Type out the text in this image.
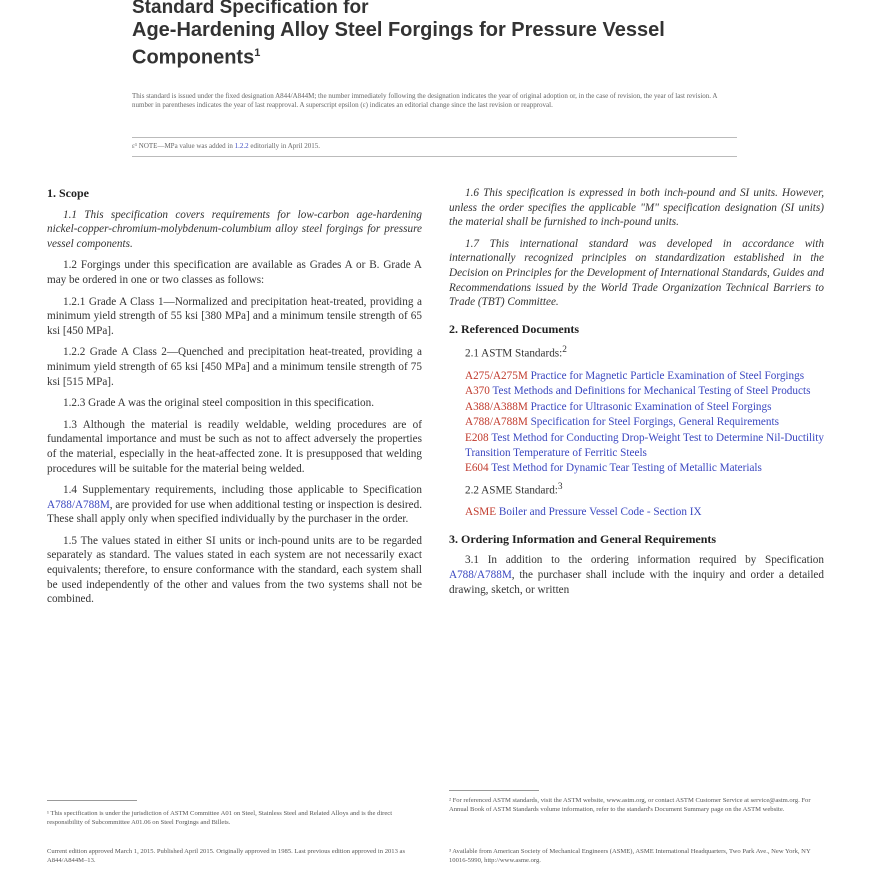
Standard Specification for
Age-Hardening Alloy Steel Forgings for Pressure Vessel
Components$^1$
This standard is issued under the fixed designation A844/A844M; the number immediately following the designation indicates the year of original adoption or, in the case of revision, the year of last revision. A number in parentheses indicates the year of last reapproval. A superscript epsilon (ε) indicates an editorial change since the last revision or reapproval.
ε¹ NOTE—MPa value was added in 1.2.2 editorially in April 2015.
1. Scope

1.1 This specification covers requirements for low-carbon age-hardening nickel-copper-chromium-molybdenum-columbium alloy steel forgings for pressure vessel components.

1.2 Forgings under this specification are available as Grades A or B. Grade A may be ordered in one or two classes as follows:

1.2.1 Grade A Class 1—Normalized and precipitation heat-treated, providing a minimum yield strength of 55 ksi [380 MPa] and a minimum tensile strength of 65 ksi [450 MPa].

1.2.2 Grade A Class 2—Quenched and precipitation heat-treated, providing a minimum yield strength of 65 ksi [450 MPa] and a minimum tensile strength of 75 ksi [515 MPa].

1.2.3 Grade A was the original steel composition in this specification.

1.3 Although the material is readily weldable, welding procedures are of fundamental importance and must be such as not to affect adversely the properties of the material, especially in the heat-affected zone. It is presupposed that welding procedures will be suitable for the material being welded.

1.4 Supplementary requirements, including those applicable to Specification A788/A788M, are provided for use when additional testing or inspection is desired. These shall apply only when specified individually by the purchaser in the order.

1.5 The values stated in either SI units or inch-pound units are to be regarded separately as standard. The values stated in each system are not necessarily exact equivalents; therefore, to ensure conformance with the standard, each system shall be used independently of the other and values from the two systems shall not be combined.

1.6 This specification is expressed in both inch-pound and SI units. However, unless the order specifies the applicable "M" specification designation (SI units) the material shall be furnished to inch-pound units.

1.7 This international standard was developed in accordance with internationally recognized principles on standardization established in the Decision on Principles for the Development of International Standards, Guides and Recommendations issued by the World Trade Organization Technical Barriers to Trade (TBT) Committee.

2. Referenced Documents

2.1 ASTM Standards:$^2$

A275/A275M Practice for Magnetic Particle Examination of Steel Forgings
A370 Test Methods and Definitions for Mechanical Testing of Steel Products
A388/A388M Practice for Ultrasonic Examination of Steel Forgings
A788/A788M Specification for Steel Forgings, General Requirements
E208 Test Method for Conducting Drop-Weight Test to Determine Nil-Ductility Transition Temperature of Ferritic Steels
E604 Test Method for Dynamic Tear Testing of Metallic Materials

2.2 ASME Standard:$^3$

ASME Boiler and Pressure Vessel Code - Section IX
3. Ordering Information and General Requirements

3.1 In addition to the ordering information required by Specification A788/A788M, the purchaser shall include with the inquiry and order a detailed drawing, sketch, or written

¹ This specification is under the jurisdiction of ASTM Committee A01 on Steel, Stainless Steel and Related Alloys and is the direct responsibility of Subcommittee A01.06 on Steel Forgings and Billets.
Current edition approved March 1, 2015. Published April 2015. Originally approved in 1985. Last previous edition approved in 2013 as A844/A844M–13.
² For referenced ASTM standards, visit the ASTM website, www.astm.org, or contact ASTM Customer Service at service@astm.org. For Annual Book of ASTM Standards volume information, refer to the standard's Document Summary page on the ASTM website.
³ Available from American Society of Mechanical Engineers (ASME), ASME International Headquarters, Two Park Ave., New York, NY 10016-5990, http://www.asme.org.
